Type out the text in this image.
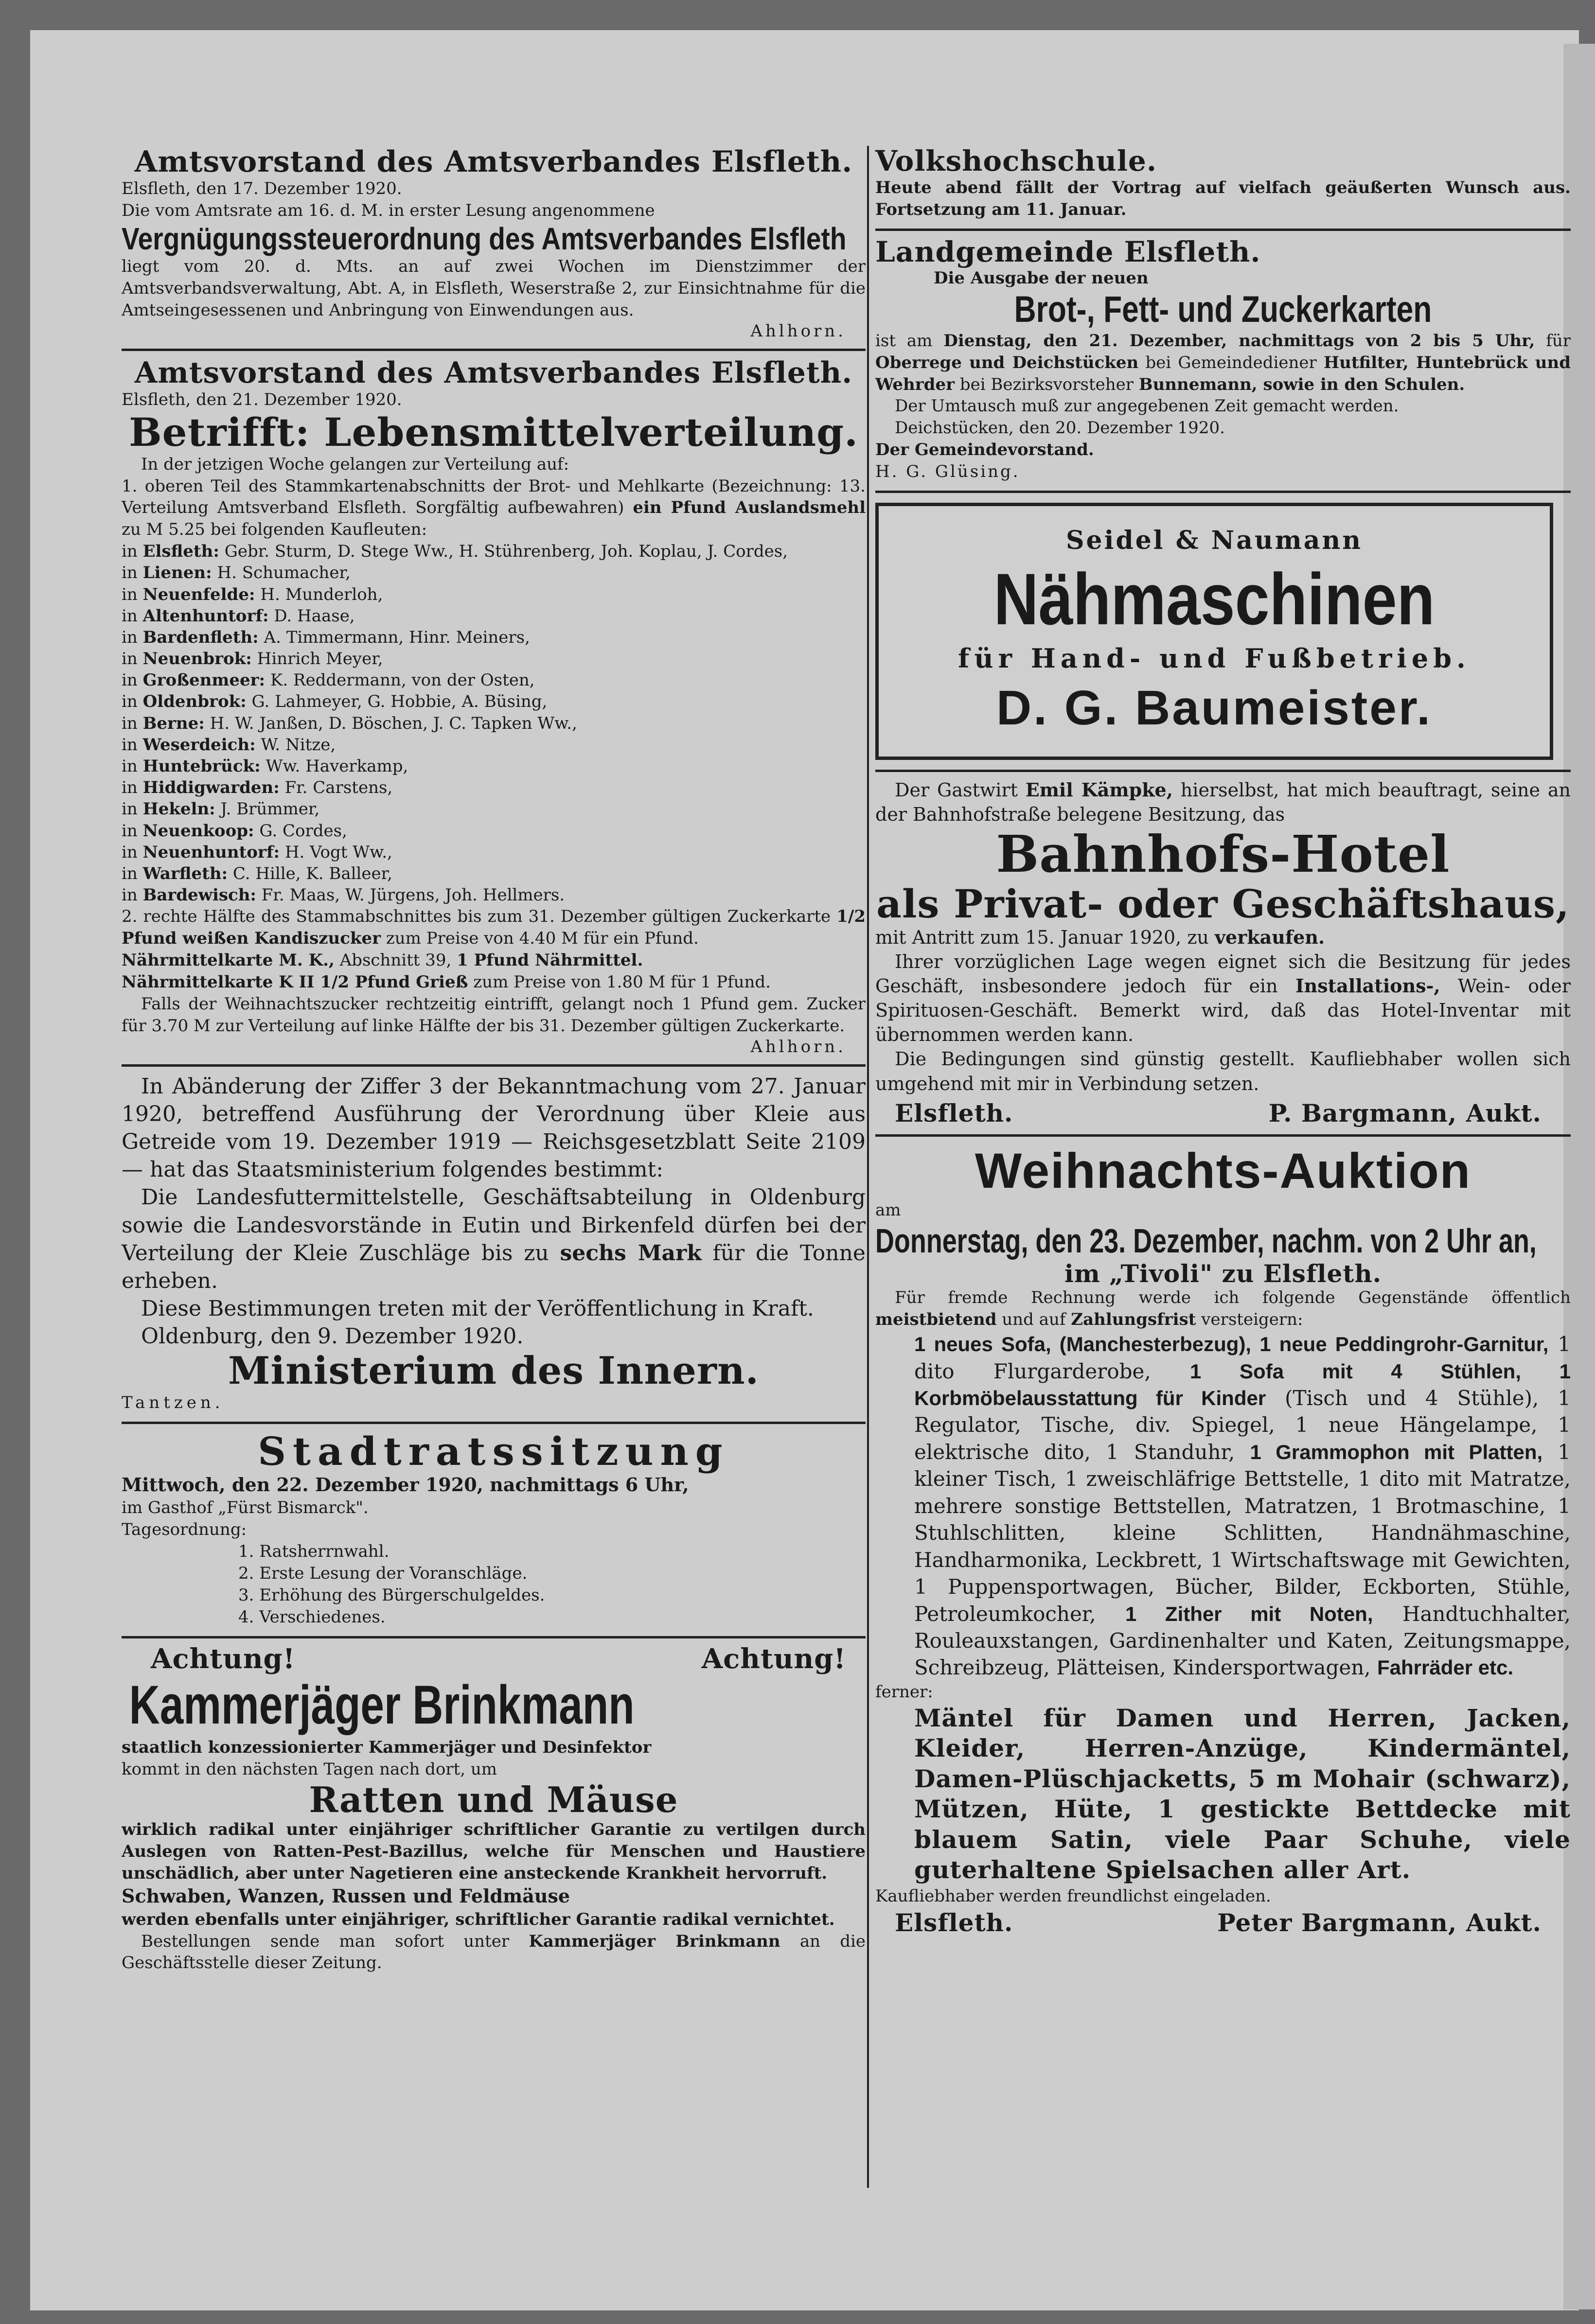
Amtsvorstand des Amtsverbandes Elsfleth.

Elsfleth, den 17. Dezember 1920.

Die vom Amtsrate am 16. d. M. in erster Lesung angenommene

Vergnügungssteuerordnung des Amtsverbandes Elsfleth

liegt vom 20. d. Mts. an auf zwei Wochen im Dienstzimmer der Amtsverbandsverwaltung, Abt. A, in Elsfleth, Weserstraße 2, zur Einsichtnahme für die Amtseingesessenen und Anbringung von Einwendungen aus.

Ahlhorn.

Amtsvorstand des Amtsverbandes Elsfleth.

Elsfleth, den 21. Dezember 1920.

Betrifft: Lebensmittelverteilung.

In der jetzigen Woche gelangen zur Verteilung auf:

1. oberen Teil des Stammkartenabschnitts der Brot- und Mehlkarte (Bezeichnung: 13. Verteilung Amtsverband Elsfleth. Sorgfältig aufbewahren) ein Pfund Auslandsmehl zu M 5.25 bei folgenden Kaufleuten:

in Elsfleth: Gebr. Sturm, D. Stege Ww., H. Stührenberg, Joh. Koplau, J. Cordes,

in Lienen: H. Schumacher,

in Neuenfelde: H. Munderloh,

in Altenhuntorf: D. Haase,

in Bardenfleth: A. Timmermann, Hinr. Meiners,

in Neuenbrok: Hinrich Meyer,

in Großenmeer: K. Reddermann, von der Osten,

in Oldenbrok: G. Lahmeyer, G. Hobbie, A. Büsing,

in Berne: H. W. Janßen, D. Böschen, J. C. Tapken Ww.,

in Weserdeich: W. Nitze,

in Huntebrück: Ww. Haverkamp,

in Hiddigwarden: Fr. Carstens,

in Hekeln: J. Brümmer,

in Neuenkoop: G. Cordes,

in Neuenhuntorf: H. Vogt Ww.,

in Warfleth: C. Hille, K. Balleer,

in Bardewisch: Fr. Maas, W. Jürgens, Joh. Hellmers.

2. rechte Hälfte des Stammabschnittes bis zum 31. Dezember gültigen Zuckerkarte 1/2 Pfund weißen Kandiszucker zum Preise von 4.40 M für ein Pfund.

Nährmittelkarte M. K., Abschnitt 39, 1 Pfund Nährmittel.

Nährmittelkarte K II 1/2 Pfund Grieß zum Preise von 1.80 M für 1 Pfund.

Falls der Weihnachtszucker rechtzeitig eintrifft, gelangt noch 1 Pfund gem. Zucker für 3.70 M zur Verteilung auf linke Hälfte der bis 31. Dezember gültigen Zuckerkarte.

Ahlhorn.

In Abänderung der Ziffer 3 der Bekanntmachung vom 27. Januar 1920, betreffend Ausführung der Verordnung über Kleie aus Getreide vom 19. Dezember 1919 — Reichsgesetzblatt Seite 2109 — hat das Staatsministerium folgendes bestimmt:

Die Landesfuttermittelstelle, Geschäftsabteilung in Oldenburg sowie die Landesvorstände in Eutin und Birkenfeld dürfen bei der Verteilung der Kleie Zuschläge bis zu sechs Mark für die Tonne erheben.

Diese Bestimmungen treten mit der Veröffentlichung in Kraft.

Oldenburg, den 9. Dezember 1920.

Ministerium des Innern.

Tantzen.

Stadtratssitzung

Mittwoch, den 22. Dezember 1920, nachmittags 6 Uhr,

im Gasthof „Fürst Bismarck".

Tagesordnung:

1. Ratsherrnwahl.

2. Erste Lesung der Voranschläge.

3. Erhöhung des Bürgerschulgeldes.

4. Verschiedenes.

Achtung!	Achtung!

Kammerjäger Brinkmann

staatlich konzessionierter Kammerjäger und Desinfektor

kommt in den nächsten Tagen nach dort, um

Ratten und Mäuse

wirklich radikal unter einjähriger schriftlicher Garantie zu vertilgen durch Auslegen von Ratten-Pest-Bazillus, welche für Menschen und Haustiere unschädlich, aber unter Nagetieren eine ansteckende Krankheit hervorruft.

Schwaben, Wanzen, Russen und Feldmäuse

werden ebenfalls unter einjähriger, schriftlicher Garantie radikal vernichtet.

Bestellungen sende man sofort unter Kammerjäger Brinkmann an die Geschäftsstelle dieser Zeitung.

Volkshochschule.

Heute abend fällt der Vortrag auf vielfach geäußerten Wunsch aus. Fortsetzung am 11. Januar.

Landgemeinde Elsfleth.

Die Ausgabe der neuen

Brot-, Fett- und Zuckerkarten

ist am Dienstag, den 21. Dezember, nachmittags von 2 bis 5 Uhr, für Oberrege und Deichstücken bei Gemeindediener Hutfilter, Huntebrück und Wehrder bei Bezirksvorsteher Bunnemann, sowie in den Schulen.

Der Umtausch muß zur angegebenen Zeit gemacht werden.

Deichstücken, den 20. Dezember 1920.

Der Gemeindevorstand.

H. G. Glüsing.

Seidel & Naumann

Nähmaschinen

für Hand- und Fußbetrieb.

D. G. Baumeister.

Der Gastwirt Emil Kämpke, hierselbst, hat mich beauftragt, seine an der Bahnhofstraße belegene Besitzung, das

Bahnhofs-Hotel

als Privat- oder Geschäftshaus,

mit Antritt zum 15. Januar 1920, zu verkaufen.

Ihrer vorzüglichen Lage wegen eignet sich die Besitzung für jedes Geschäft, insbesondere jedoch für ein Installations-, Wein- oder Spirituosen-Geschäft. Bemerkt wird, daß das Hotel-Inventar mit übernommen werden kann.

Die Bedingungen sind günstig gestellt. Kaufliebhaber wollen sich umgehend mit mir in Verbindung setzen.

Elsfleth.	P. Bargmann, Aukt.

Weihnachts-Auktion

am

Donnerstag, den 23. Dezember, nachm. von 2 Uhr an,

im „Tivoli" zu Elsfleth.

Für fremde Rechnung werde ich folgende Gegenstände öffentlich meistbietend und auf Zahlungsfrist versteigern:

1 neues Sofa, (Manchesterbezug), 1 neue Peddingrohr-Garnitur, 1 dito Flurgarderobe, 1 Sofa mit 4 Stühlen, 1 Korbmöbelausstattung für Kinder (Tisch und 4 Stühle), 1 Regulator, Tische, div. Spiegel, 1 neue Hängelampe, 1 elektrische dito, 1 Standuhr, 1 Grammophon mit Platten, 1 kleiner Tisch, 1 zweischläfrige Bettstelle, 1 dito mit Matratze, mehrere sonstige Bettstellen, Matratzen, 1 Brotmaschine, 1 Stuhlschlitten, kleine Schlitten, Handnähmaschine, Handharmonika, Leckbrett, 1 Wirtschaftswage mit Gewichten, 1 Puppensportwagen, Bücher, Bilder, Eckborten, Stühle, Petroleumkocher, 1 Zither mit Noten, Handtuchhalter, Rouleauxstangen, Gardinenhalter und Katen, Zeitungsmappe, Schreibzeug, Plätteisen, Kindersportwagen, Fahrräder etc.

ferner:

Mäntel für Damen und Herren, Jacken, Kleider, Herren-Anzüge, Kindermäntel, Damen-Plüschjacketts, 5 m Mohair (schwarz), Mützen, Hüte, 1 gestickte Bettdecke mit blauem Satin, viele Paar Schuhe, viele guterhaltene Spielsachen aller Art.

Kaufliebhaber werden freundlichst eingeladen.

Elsfleth.	Peter Bargmann, Aukt.
